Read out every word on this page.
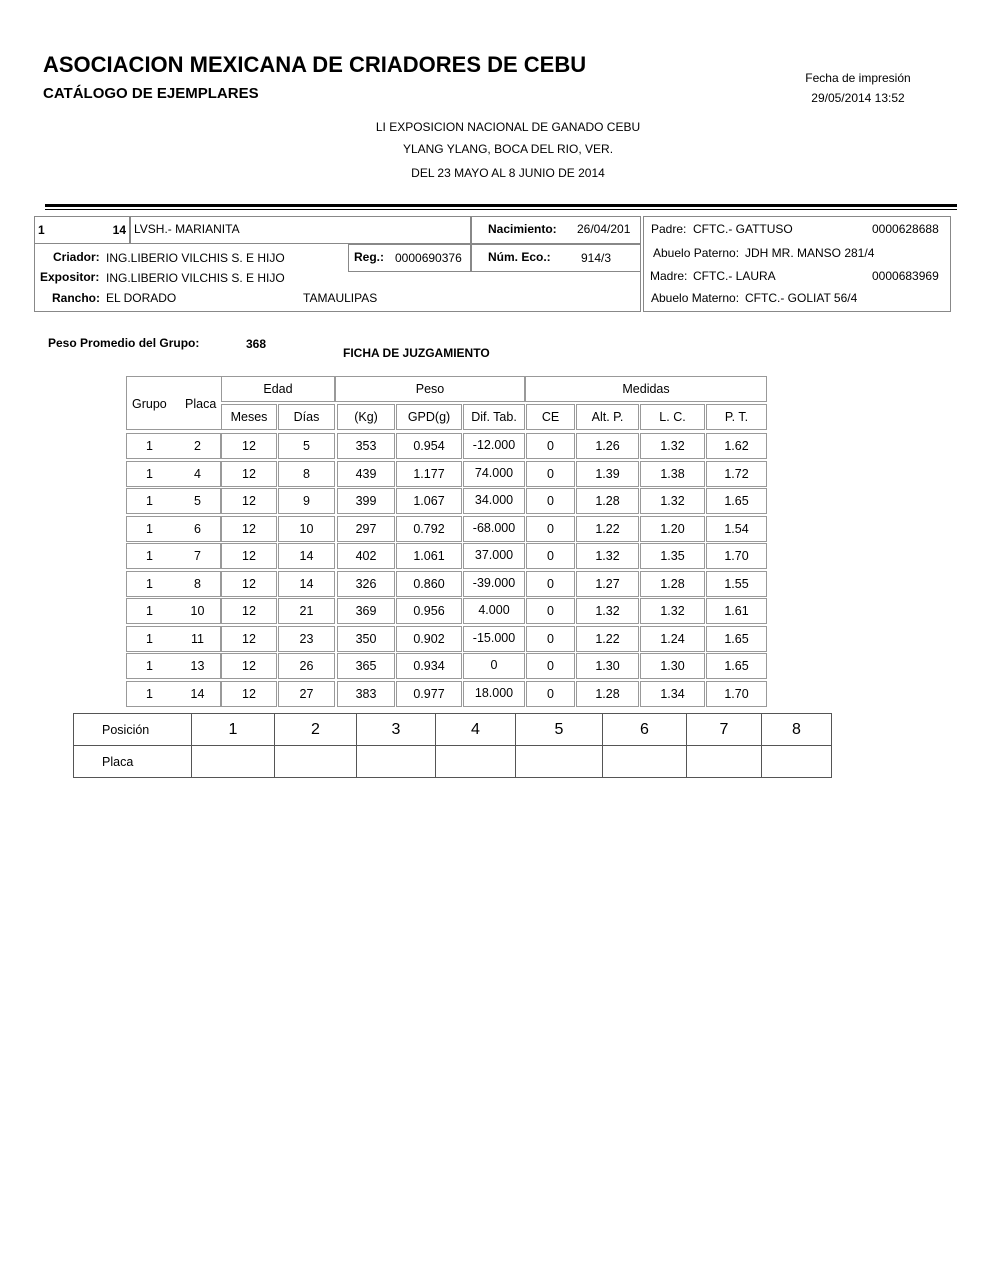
ASOCIACION MEXICANA DE CRIADORES DE CEBU
CATÁLOGO DE EJEMPLARES
Fecha de impresión
29/05/2014 13:52
LI EXPOSICION NACIONAL DE GANADO CEBU
YLANG YLANG, BOCA DEL RIO, VER.
DEL 23 MAYO AL 8 JUNIO DE 2014
1	14 LVSH.- MARIANITA	Nacimiento: 26/04/201
Criador: ING.LIBERIO VILCHIS S. E HIJO	Reg.: 0000690376 Núm. Eco.:	914/3
Expositor: ING.LIBERIO VILCHIS S. E HIJO
Rancho: EL DORADO	TAMAULIPAS
Padre: CFTC.- GATTUSO	0000628688
Abuelo Paterno: JDH MR. MANSO 281/4
Madre: CFTC.- LAURA	0000683969
Abuelo Materno: CFTC.- GOLIAT 56/4
Peso Promedio del Grupo:	368
FICHA DE JUZGAMIENTO
Grupo Placa
Edad	Peso	Medidas
Meses	Días	(Kg)	GPD(g)	Dif. Tab.	CE	Alt. P.	L. C.	P. T.
1	2	12	5	353	0.954	-12.000	0	1.26	1.32	1.62
1	4	12	8	439	1.177	74.000	0	1.39	1.38	1.72
1	5	12	9	399	1.067	34.000	0	1.28	1.32	1.65
1	6	12	10	297	0.792	-68.000	0	1.22	1.20	1.54
1	7	12	14	402	1.061	37.000	0	1.32	1.35	1.70
1	8	12	14	326	0.860	-39.000	0	1.27	1.28	1.55
1	10	12	21	369	0.956	4.000	0	1.32	1.32	1.61
1	11	12	23	350	0.902	-15.000	0	1.22	1.24	1.65
1	13	12	26	365	0.934	0	0	1.30	1.30	1.65
1	14	12	27	383	0.977	18.000	0	1.28	1.34	1.70
Posición	1	2	3	4	5	6	7	8
Placa
